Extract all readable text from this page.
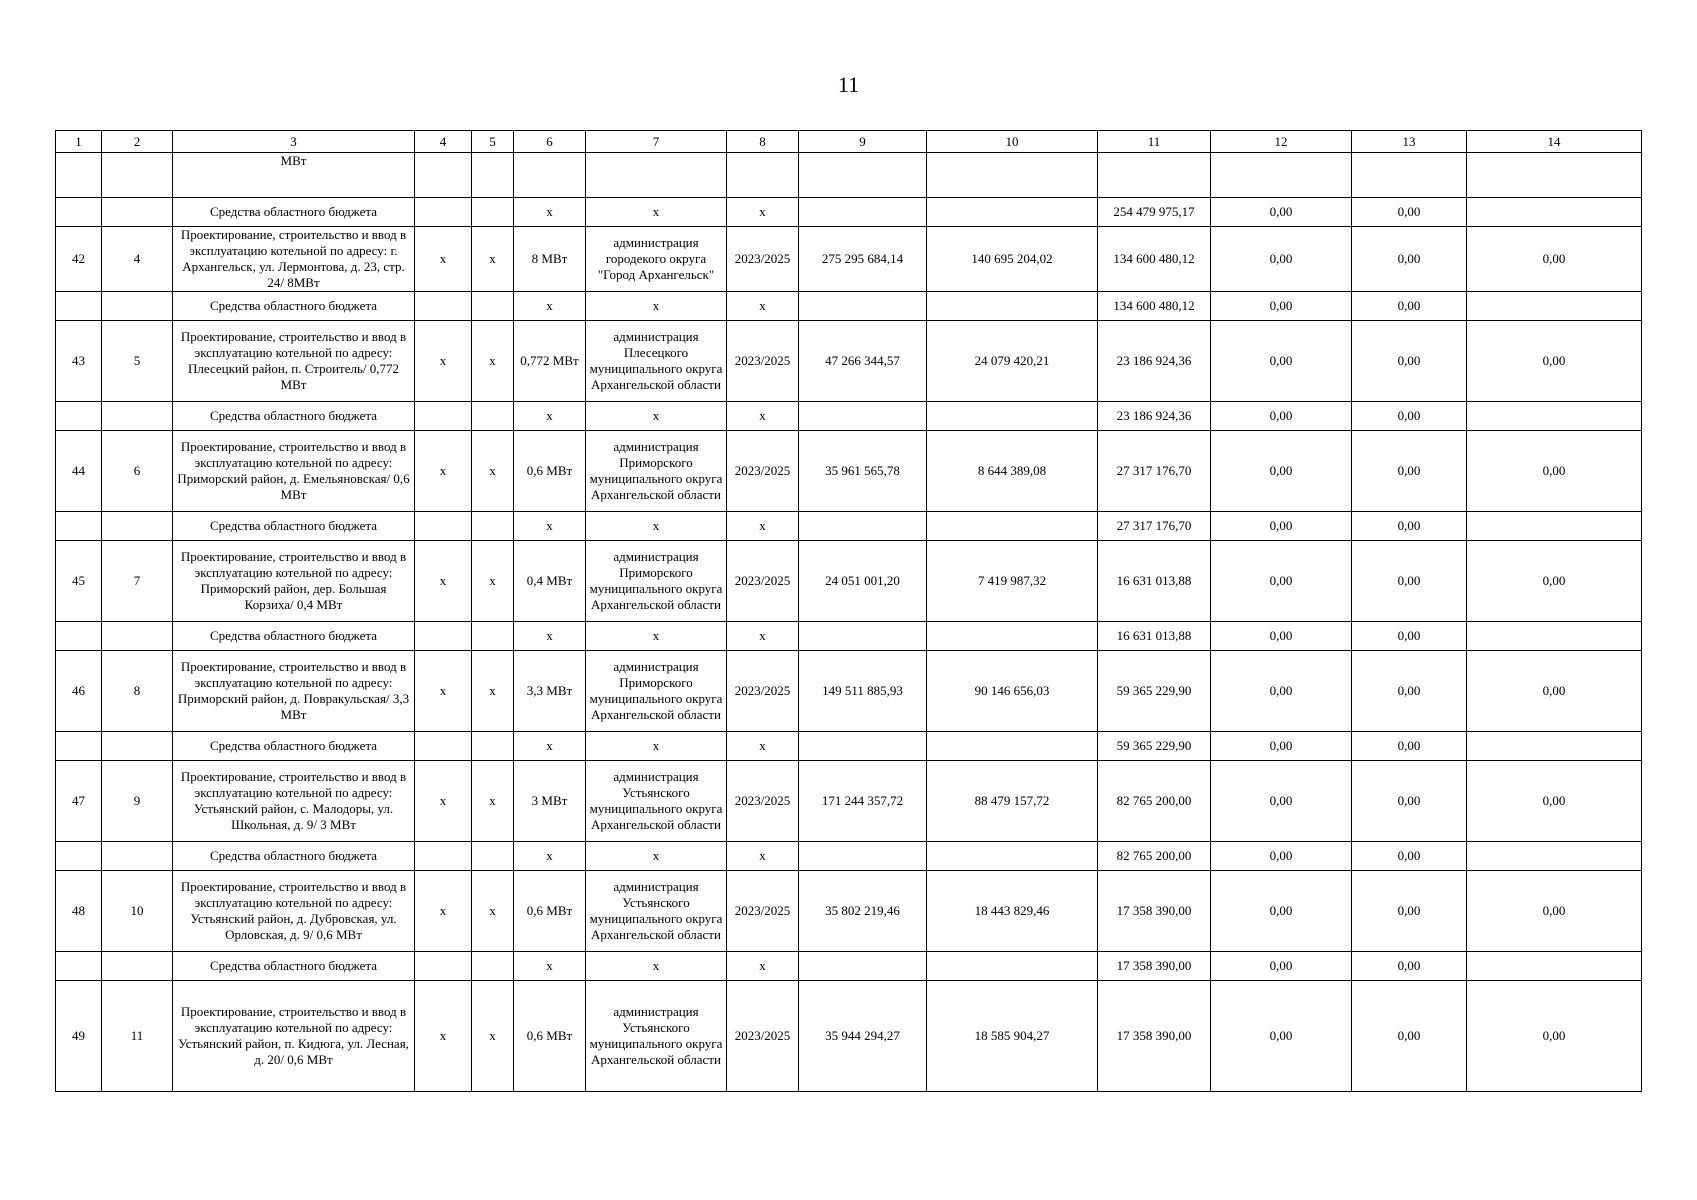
11
1	2	3	4	5	6	7	8	9	10	11	12	13	14
		МВт											
		Средства областного бюджета			х	х	х			254 479 975,17	0,00	0,00	
42	4	Проектирование, строительство и ввод в эксплуатацию котельной по адресу: г. Архангельск, ул. Лермонтова, д. 23, стр. 24/ 8МВт	х	х	8 МВт	администрация городекого округа "Город Архангельск"	2023/2025	275 295 684,14	140 695 204,02	134 600 480,12	0,00	0,00	0,00
		Средства областного бюджета			х	х	х			134 600 480,12	0,00	0,00	
43	5	Проектирование, строительство и ввод в эксплуатацию котельной по адресу: Плесецкий район, п. Строитель/ 0,772 МВт	х	х	0,772 МВт	администрация Плесецкого муниципального округа Архангельской области	2023/2025	47 266 344,57	24 079 420,21	23 186 924,36	0,00	0,00	0,00
		Средства областного бюджета			х	х	х			23 186 924,36	0,00	0,00	
44	6	Проектирование, строительство и ввод в эксплуатацию котельной по адресу: Приморский район, д. Емельяновская/ 0,6 МВт	х	х	0,6 МВт	администрация Приморского муниципального округа Архангельской области	2023/2025	35 961 565,78	8 644 389,08	27 317 176,70	0,00	0,00	0,00
		Средства областного бюджета			х	х	х			27 317 176,70	0,00	0,00	
45	7	Проектирование, строительство и ввод в эксплуатацию котельной по адресу: Приморский район, дер. Большая Корзиха/ 0,4 МВт	х	х	0,4 МВт	администрация Приморского муниципального округа Архангельской области	2023/2025	24 051 001,20	7 419 987,32	16 631 013,88	0,00	0,00	0,00
		Средства областного бюджета			х	х	х			16 631 013,88	0,00	0,00	
46	8	Проектирование, строительство и ввод в эксплуатацию котельной по адресу: Приморский район, д. Повракульская/ 3,3 МВт	х	х	3,3 МВт	администрация Приморского муниципального округа Архангельской области	2023/2025	149 511 885,93	90 146 656,03	59 365 229,90	0,00	0,00	0,00
		Средства областного бюджета			х	х	х			59 365 229,90	0,00	0,00	
47	9	Проектирование, строительство и ввод в эксплуатацию котельной по адресу: Устьянский район, с. Малодоры, ул. Школьная, д. 9/ 3 МВт	х	х	3 МВт	администрация Устьянского муниципального округа Архангельской области	2023/2025	171 244 357,72	88 479 157,72	82 765 200,00	0,00	0,00	0,00
		Средства областного бюджета			х	х	х			82 765 200,00	0,00	0,00	
48	10	Проектирование, строительство и ввод в эксплуатацию котельной по адресу: Устьянский район, д. Дубровская, ул. Орловская, д. 9/ 0,6 МВт	х	х	0,6 МВт	администрация Устьянского муниципального округа Архангельской области	2023/2025	35 802 219,46	18 443 829,46	17 358 390,00	0,00	0,00	0,00
		Средства областного бюджета			х	х	х			17 358 390,00	0,00	0,00	
49	11	Проектирование, строительство и ввод в эксплуатацию котельной по адресу: Устьянский район, п. Кидюга, ул. Лесная, д. 20/ 0,6 МВт	х	х	0,6 МВт	администрация Устьянского муниципального округа Архангельской области	2023/2025	35 944 294,27	18 585 904,27	17 358 390,00	0,00	0,00	0,00
